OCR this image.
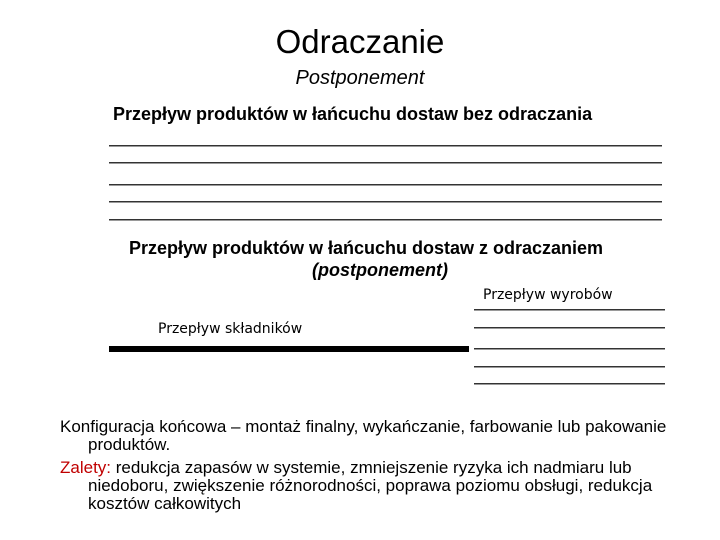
Odraczanie
Postponement
Przepływ produktów w łańcuchu dostaw bez odraczania
Przepływ produktów w łańcuchu dostaw z odraczaniem
(postponement)
Przepływ wyrobów
Przepływ składników
Konfiguracja końcowa – montaż finalny, wykańczanie, farbowanie lub pakowanie produktów.
Zalety: redukcja zapasów w systemie, zmniejszenie ryzyka ich nadmiaru lub niedoboru, zwiększenie różnorodności, poprawa poziomu obsługi, redukcja kosztów całkowitych
